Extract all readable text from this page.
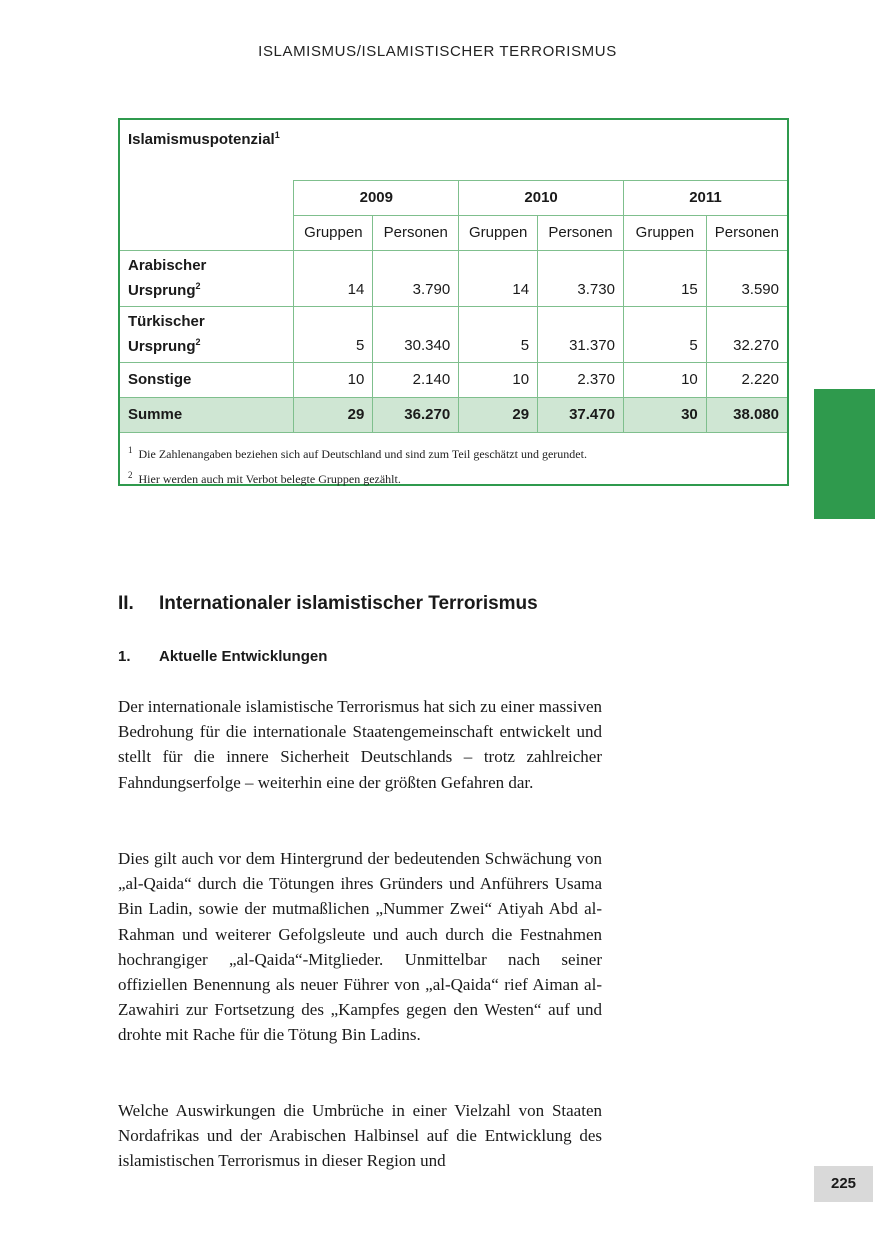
ISLAMISMUS/ISLAMISTISCHER TERRORISMUS
Islamismuspotenzial$^1$
	2009		2010		2011	
	Gruppen	Personen	Gruppen	Personen	Gruppen	Personen
Arabischer
Ursprung$^2$	14	3.790	14	3.730	15	3.590
Türkischer
Ursprung$^2$	5	30.340	5	31.370	5	32.270
Sonstige	10	2.140	10	2.370	10	2.220
Summe	29	36.270	29	37.470	30	38.080
$^1$ Die Zahlenangaben beziehen sich auf Deutschland und sind zum Teil geschätzt und gerundet.
$^2$ Hier werden auch mit Verbot belegte Gruppen gezählt.
II. Internationaler islamistischer Terrorismus
1. Aktuelle Entwicklungen

Der internationale islamistische Terrorismus hat sich zu einer massiven Bedrohung für die internationale Staatengemeinschaft entwickelt und stellt für die innere Sicherheit Deutschlands – trotz zahlreicher Fahndungserfolge – weiterhin eine der größten Gefahren dar.

Dies gilt auch vor dem Hintergrund der bedeutenden Schwächung von „al-Qaida“ durch die Tötungen ihres Gründers und Anführers Usama Bin Ladin, sowie der mutmaßlichen „Nummer Zwei“ Atiyah Abd al-Rahman und weiterer Gefolgsleute und auch durch die Festnahmen hochrangiger „al-Qaida“-Mitglieder. Unmittelbar nach seiner offiziellen Benennung als neuer Führer von „al-Qaida“ rief Aiman al-Zawahiri zur Fortsetzung des „Kampfes gegen den Westen“ auf und drohte mit Rache für die Tötung Bin Ladins.

Welche Auswirkungen die Umbrüche in einer Vielzahl von Staaten Nordafrikas und der Arabischen Halbinsel auf die Entwicklung des islamistischen Terrorismus in dieser Region und

225
